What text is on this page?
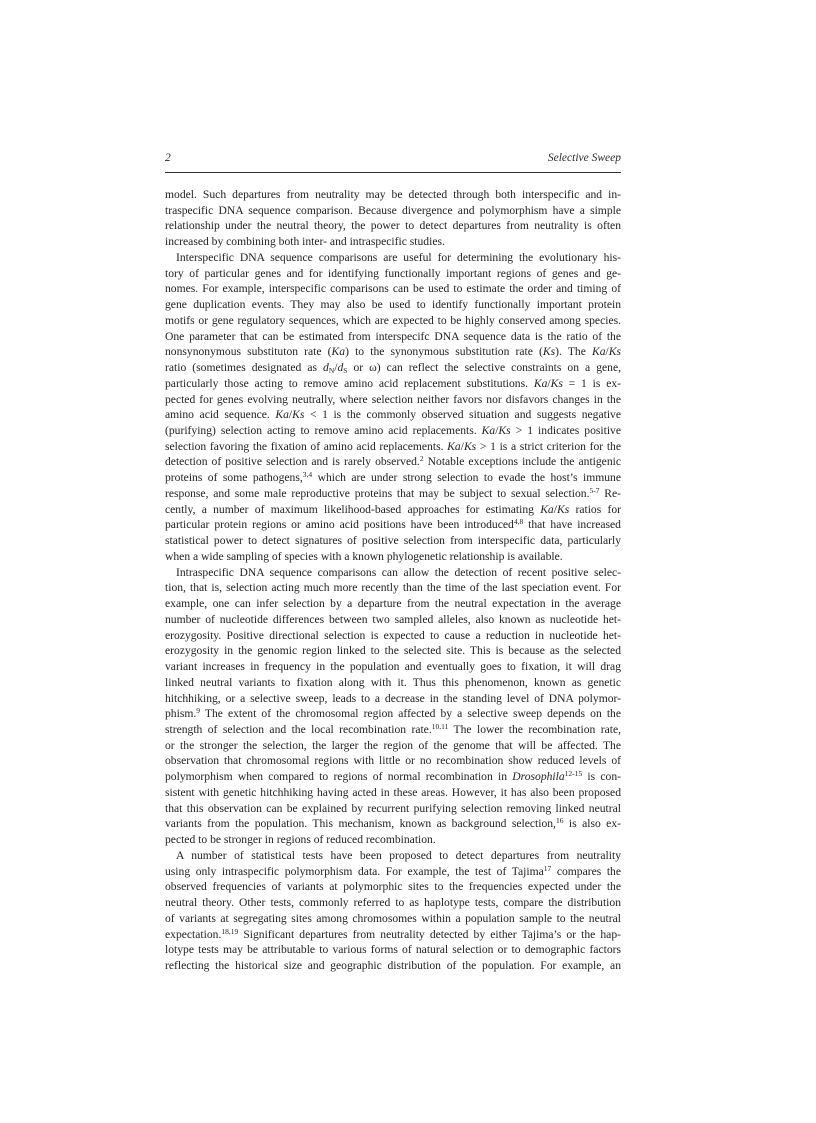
2	Selective Sweep
model. Such departures from neutrality may be detected through both interspecific and in-
traspecific DNA sequence comparison. Because divergence and polymorphism have a simple
relationship under the neutral theory, the power to detect departures from neutrality is often
increased by combining both inter- and intraspecific studies.
Interspecific DNA sequence comparisons are useful for determining the evolutionary his-
tory of particular genes and for identifying functionally important regions of genes and ge-
nomes. For example, interspecific comparisons can be used to estimate the order and timing of
gene duplication events. They may also be used to identify functionally important protein
motifs or gene regulatory sequences, which are expected to be highly conserved among species.
One parameter that can be estimated from interspecifc DNA sequence data is the ratio of the
nonsynonymous substituton rate (Ka) to the synonymous substitution rate (Ks). The Ka/Ks
ratio (sometimes designated as $d_N/d_S$ or ω) can reflect the selective constraints on a gene,
particularly those acting to remove amino acid replacement substitutions. Ka/Ks = 1 is ex-
pected for genes evolving neutrally, where selection neither favors nor disfavors changes in the
amino acid sequence. Ka/Ks < 1 is the commonly observed situation and suggests negative
(purifying) selection acting to remove amino acid replacements. Ka/Ks > 1 indicates positive
selection favoring the fixation of amino acid replacements. Ka/Ks > 1 is a strict criterion for the
detection of positive selection and is rarely observed.$^2$ Notable exceptions include the antigenic
proteins of some pathogens,$^{3,4}$ which are under strong selection to evade the host’s immune
response, and some male reproductive proteins that may be subject to sexual selection.$^{5-7}$ Re-
cently, a number of maximum likelihood-based approaches for estimating Ka/Ks ratios for
particular protein regions or amino acid positions have been introduced$^{4,8}$ that have increased
statistical power to detect signatures of positive selection from interspecific data, particularly
when a wide sampling of species with a known phylogenetic relationship is available.
Intraspecific DNA sequence comparisons can allow the detection of recent positive selec-
tion, that is, selection acting much more recently than the time of the last speciation event. For
example, one can infer selection by a departure from the neutral expectation in the average
number of nucleotide differences between two sampled alleles, also known as nucleotide het-
erozygosity. Positive directional selection is expected to cause a reduction in nucleotide het-
erozygosity in the genomic region linked to the selected site. This is because as the selected
variant increases in frequency in the population and eventually goes to fixation, it will drag
linked neutral variants to fixation along with it. Thus this phenomenon, known as genetic
hitchhiking, or a selective sweep, leads to a decrease in the standing level of DNA polymor-
phism.$^9$ The extent of the chromosomal region affected by a selective sweep depends on the
strength of selection and the local recombination rate.$^{10,11}$ The lower the recombination rate,
or the stronger the selection, the larger the region of the genome that will be affected. The
observation that chromosomal regions with little or no recombination show reduced levels of
polymorphism when compared to regions of normal recombination in Drosophila$^{12-15}$ is con-
sistent with genetic hitchhiking having acted in these areas. However, it has also been proposed
that this observation can be explained by recurrent purifying selection removing linked neutral
variants from the population. This mechanism, known as background selection,$^{16}$ is also ex-
pected to be stronger in regions of reduced recombination.
A number of statistical tests have been proposed to detect departures from neutrality
using only intraspecific polymorphism data. For example, the test of Tajima$^{17}$ compares the
observed frequencies of variants at polymorphic sites to the frequencies expected under the
neutral theory. Other tests, commonly referred to as haplotype tests, compare the distribution
of variants at segregating sites among chromosomes within a population sample to the neutral
expectation.$^{18,19}$ Significant departures from neutrality detected by either Tajima’s or the hap-
lotype tests may be attributable to various forms of natural selection or to demographic factors
reflecting the historical size and geographic distribution of the population. For example, an
